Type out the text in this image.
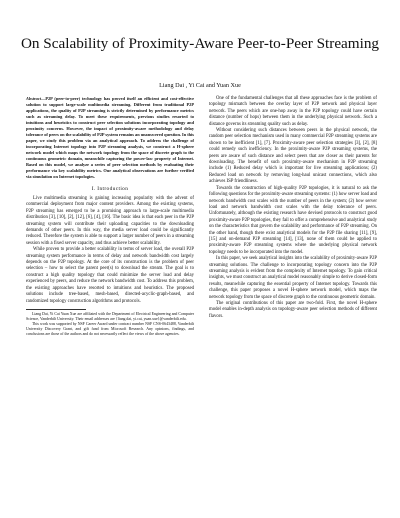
On Scalability of Proximity-Aware Peer-to-Peer Streaming
Liang Dai , Yi Cai and Yuan Xue
Abstract—P2P (peer-to-peer) technology has proved itself an efficient and cost-effective solution to support large-scale multimedia streaming. Different from traditional P2P applications, the quality of P2P streaming is strictly determined by performance metrics such as streaming delay. To meet these requirements, previous studies resorted to intuitions and heuristics to construct peer selection solutions incorporating topology and proximity concerns. However, the impact of proximity-aware methodology and delay tolerance of peers on the scalability of P2P system remains an unanswered question. In this paper, we study this problem via an analytical approach. To address the challenge of incorporating Internet topology into P2P streaming analysis, we construct a H-sphere network model which maps the network topology from the space of discrete graph to the continuous geometric domain, meanwhile capturing the power-law property of Internet. Based on this model, we analyze a series of peer selection methods by evaluating their performance via key scalability metrics. Our analytical observations are further verified via simulation on Internet topologies.
I. Introduction

Live multimedia streaming is gaining increasing popularity with the advent of commercial deployment from major content providers. Among the existing systems, P2P streaming has emerged to be a promising approach to large-scale multimedia distribution [3], [10], [2], [12], [6], [4], [16]. The basic idea is that each peer in the P2P streaming system will contribute their uploading capacities to the downloading demands of other peers. In this way, the media server load could be significantly reduced. Therefore the system is able to support a larger number of peers in a streaming session with a fixed server capacity, and thus achieve better scalability.

While proven to provide a better scalability in terms of server load, the overall P2P streaming system performance in terms of delay and network bandwidth cost largely depends on the P2P topology. At the core of its construction is the problem of peer selection – how to select the parent peer(s) to download the stream. The goal is to construct a high quality topology that could minimize the server load and delay experienced by peers, and reduce the network bandwidth cost. To address this problem, the existing approaches have resorted to intuitions and heuristics. The proposed solutions include tree-based, mesh-based, directed-acyclic-graph-based, and randomized topology construction algorithms and protocols.

Liang Dai, Yi Cai Yuan Xue are affiliated with the Department of Electrical Engineering and Computer Science, Vanderbilt University. Their email addresses are {liang.dai, yi.cai, yuan.xue}@vanderbilt.edu.

This work was supported by NSF Career Award under contract number NSF CNS-0643488, Vanderbilt University Discovery Grant, and gift fund from Microsoft Research. Any opinions, findings, and conclusions are those of the authors and do not necessarily reflect the views of the above agencies.

One of the fundamental challenges that all these approaches face is the problem of topology mismatch between the overlay layer of P2P network and physical layer network. The peers which are one-hop away in the P2P topology could have certain distance (number of hops) between them in the underlying physical network. Such a distance governs its streaming quality such as delay.

Without considering such distances between peers in the physical network, the random peer selection mechanism used in many commercial P2P streaming systems are shown to be inefficient [1], [7]. Proximity-aware peer selection strategies [3], [2], [8] could remedy such inefficiency. In the proximity-aware P2P streaming systems, the peers are aware of such distance and select peers that are closer as their parents for downloading. The benefit of such proximity-aware mechanism in P2P streaming include (1) Reduced delay which is important for live streaming applications; (2) Reduced load on network by removing long-haul unicast connections, which also achieves ISP friendliness.

Towards the construction of high-quality P2P topologies, it is natural to ask the following questions for the proximity-aware streaming systems: (1) how server load and network bandwidth cost scales with the number of peers in the system; (2) how server load and network bandwidth cost scales with the delay tolerance of peers. Unfortunately, although the existing research have devised protocols to construct good proximity-aware P2P topologies, they fail to offer a comprehensive and analytical study on the characteristics that govern the scalability and performance of P2P streaming. On the other hand, though there exist analytical models for the P2P file sharing [11], [9], [15] and on-demand P2P streaming [14], [13], none of them could be applied to proximity-aware P2P streaming systems where the underlying physical network topology needs to be incorporated into the model.

In this paper, we seek analytical insights into the scalability of proximity-aware P2P streaming solutions. The challenge to incorporating topology concern into the P2P streaming analysis is evident from the complexity of Internet topology. To gain critical insights, we must construct an analytical model reasonably simple to derive closed-form results, meanwhile capturing the essential property of Internet topology. Towards this challenge, this paper proposes a novel H-sphere network model, which maps the network topology from the space of discrete graph to the continuous geometric domain.

The original contributions of this paper are two-fold. First, the novel H-sphere model enables in-depth analysis on topology-aware peer selection methods of different flavors.
